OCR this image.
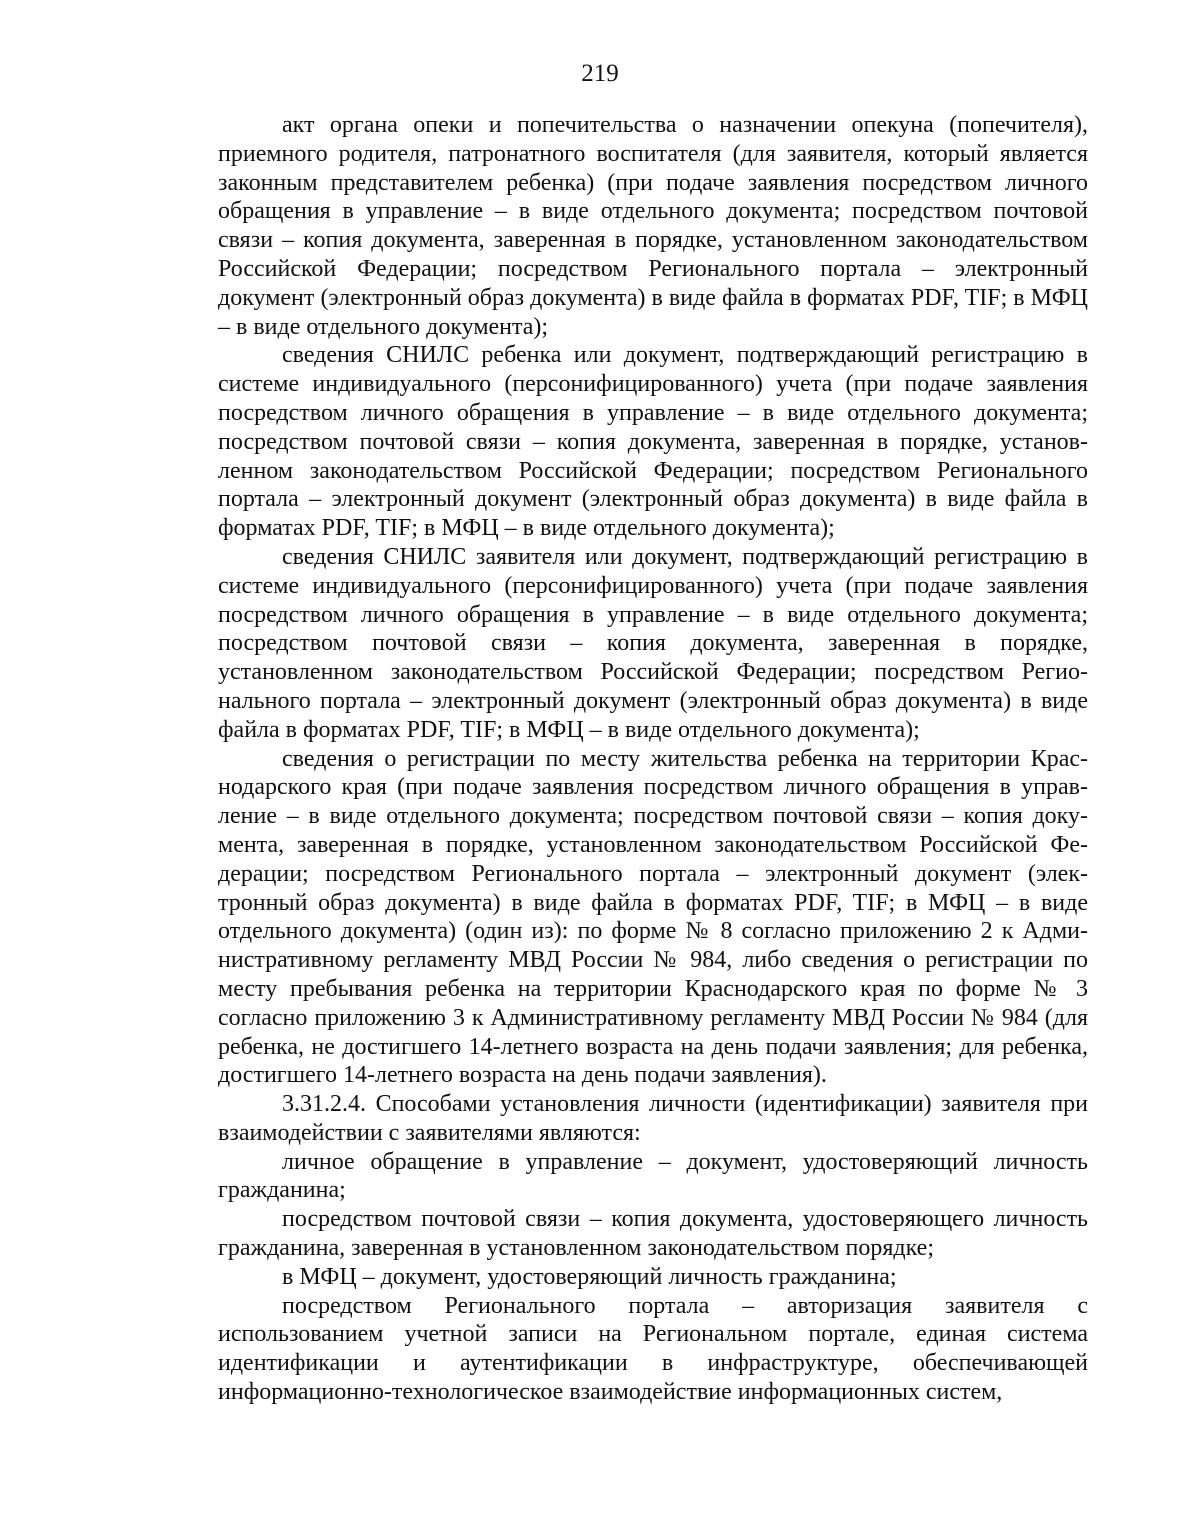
219

акт органа опеки и попечительства о назначении опекуна (попечителя), приемного родителя, патронатного воспитателя (для заявителя, который является законным представителем ребенка) (при подаче заявления посредством личного обращения в управление – в виде отдельного документа; посредством почтовой связи – копия документа, заверенная в порядке, установленном законодательством Российской Федерации; посредством Регионального портала – электронный документ (электронный образ документа) в виде файла в форматах PDF, TIF; в МФЦ – в виде отдельного документа);

сведения СНИЛС ребенка или документ, подтверждающий регистрацию в системе индивидуального (персонифицированного) учета (при подаче заявления посредством личного обращения в управление – в виде отдельного документа; посредством почтовой связи – копия документа, заверенная в порядке, установленном законодательством Российской Федерации; посредством Регионального портала – электронный документ (электронный образ документа) в виде файла в форматах PDF, TIF; в МФЦ – в виде отдельного документа);

сведения СНИЛС заявителя или документ, подтверждающий регистрацию в системе индивидуального (персонифицированного) учета (при подаче заявления посредством личного обращения в управление – в виде отдельного документа; посредством почтовой связи – копия документа, заверенная в порядке, установленном законодательством Российской Федерации; посредством Регионального портала – электронный документ (электронный образ документа) в виде файла в форматах PDF, TIF; в МФЦ – в виде отдельного документа);

сведения о регистрации по месту жительства ребенка на территории Краснодарского края (при подаче заявления посредством личного обращения в управление – в виде отдельного документа; посредством почтовой связи – копия документа, заверенная в порядке, установленном законодательством Российской Федерации; посредством Регионального портала – электронный документ (электронный образ документа) в виде файла в форматах PDF, TIF; в МФЦ – в виде отдельного документа) (один из): по форме № 8 согласно приложению 2 к Административному регламенту МВД России № 984, либо сведения о регистрации по месту пребывания ребенка на территории Краснодарского края по форме № 3 согласно приложению 3 к Административному регламенту МВД России № 984 (для ребенка, не достигшего 14-летнего возраста на день подачи заявления; для ребенка, достигшего 14-летнего возраста на день подачи заявления).

3.31.2.4. Способами установления личности (идентификации) заявителя при взаимодействии с заявителями являются:

личное обращение в управление – документ, удостоверяющий личность гражданина;

посредством почтовой связи – копия документа, удостоверяющего личность гражданина, заверенная в установленном законодательством порядке;

в МФЦ – документ, удостоверяющий личность гражданина;

посредством Регионального портала – авторизация заявителя с использованием учетной записи на Региональном портале, единая система идентификации и аутентификации в инфраструктуре, обеспечивающей информационно-технологическое взаимодействие информационных систем,
